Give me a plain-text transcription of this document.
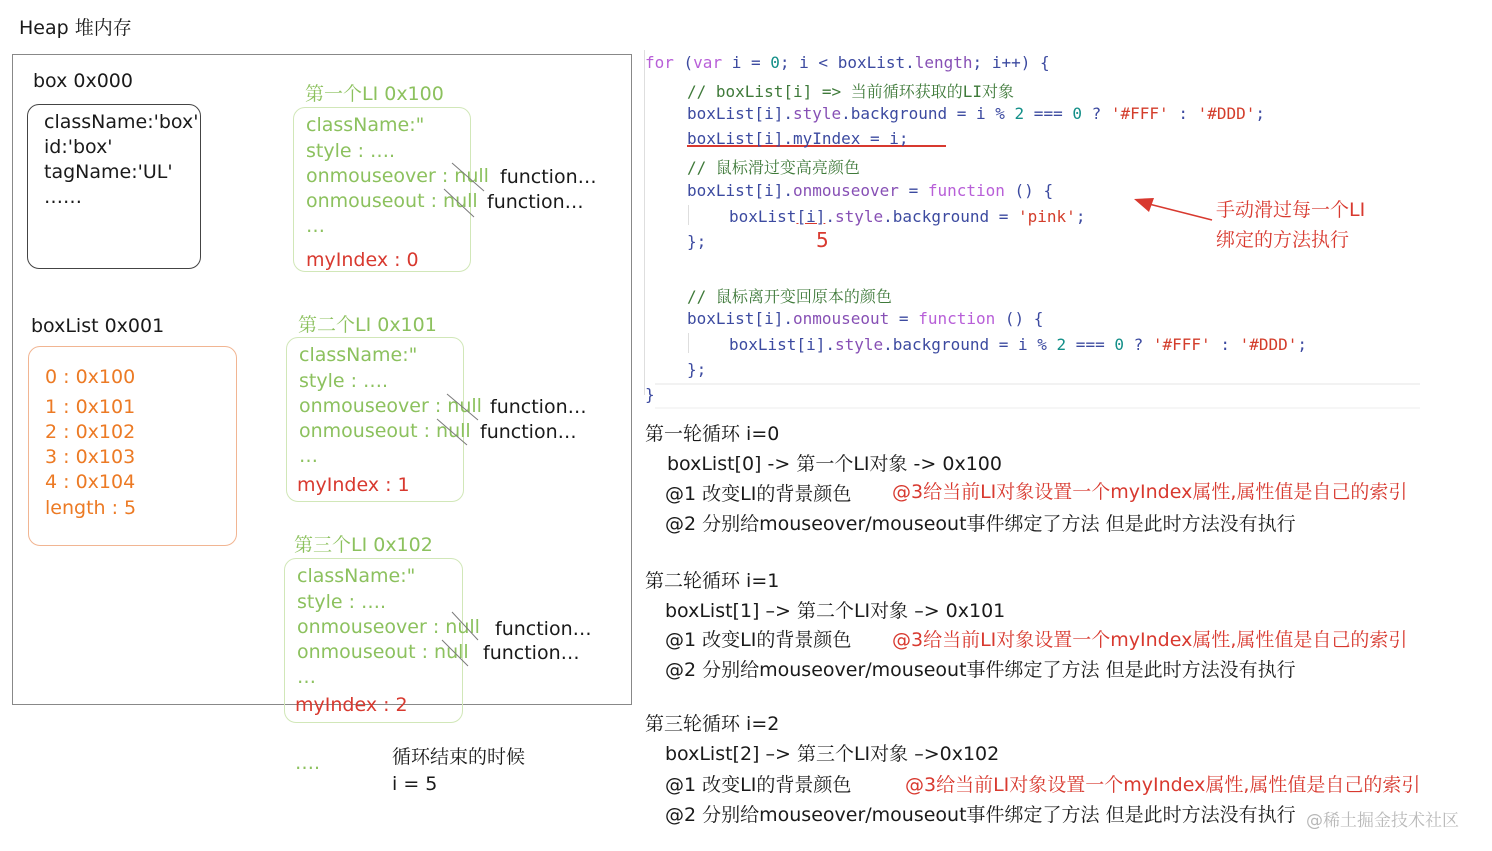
Heap 堆内存
box 0x000
className:'box'
id:'box'
tagName:'UL'
……
boxList 0x001
0 : 0x100
1 : 0x101
2 : 0x102
3 : 0x103
4 : 0x104
length : 5
第一个LI 0x100
className:"
style : ….
onmouseover : null function…
onmouseout : null function…
…
myIndex : 0
第二个LI 0x101
className:"
style : ….
onmouseover : null function…
onmouseout : null function…
…
myIndex : 1
第三个LI 0x102
className:"
style : ….
onmouseover : null function…
onmouseout : null function…
…
myIndex : 2
….	循环结束的时候
i = 5
for (var i = 0; i < boxList.length; i++) {
// boxList[i] => 当前循环获取的LI对象
boxList[i].style.background = i % 2 === 0 ? '#FFF' : '#DDD';
boxList[i].myIndex = i;
// 鼠标滑过变高亮颜色
boxList[i].onmouseover = function () {
boxList[i].style.background = 'pink';
5
};
// 鼠标离开变回原本的颜色
boxList[i].onmouseout = function () {
boxList[i].style.background = i % 2 === 0 ? '#FFF' : '#DDD';
};
}
手动滑过每一个LI
绑定的方法执行
第一轮循环 i=0
boxList[0] -> 第一个LI对象 -> 0x100
@1 改变LI的背景颜色 @3给当前LI对象设置一个myIndex属性,属性值是自己的索引
@2 分别给mouseover/mouseout事件绑定了方法 但是此时方法没有执行
第二轮循环 i=1
boxList[1] –> 第二个LI对象 –> 0x101
@1 改变LI的背景颜色 @3给当前LI对象设置一个myIndex属性,属性值是自己的索引
@2 分别给mouseover/mouseout事件绑定了方法 但是此时方法没有执行
第三轮循环 i=2
boxList[2] –> 第三个LI对象 –>0x102
@1 改变LI的背景颜色	@3给当前LI对象设置一个myIndex属性,属性值是自己的索引
@2 分别给mouseover/mouseout事件绑定了方法 但是此时方法没有执行 @稀土掘金技术社区
